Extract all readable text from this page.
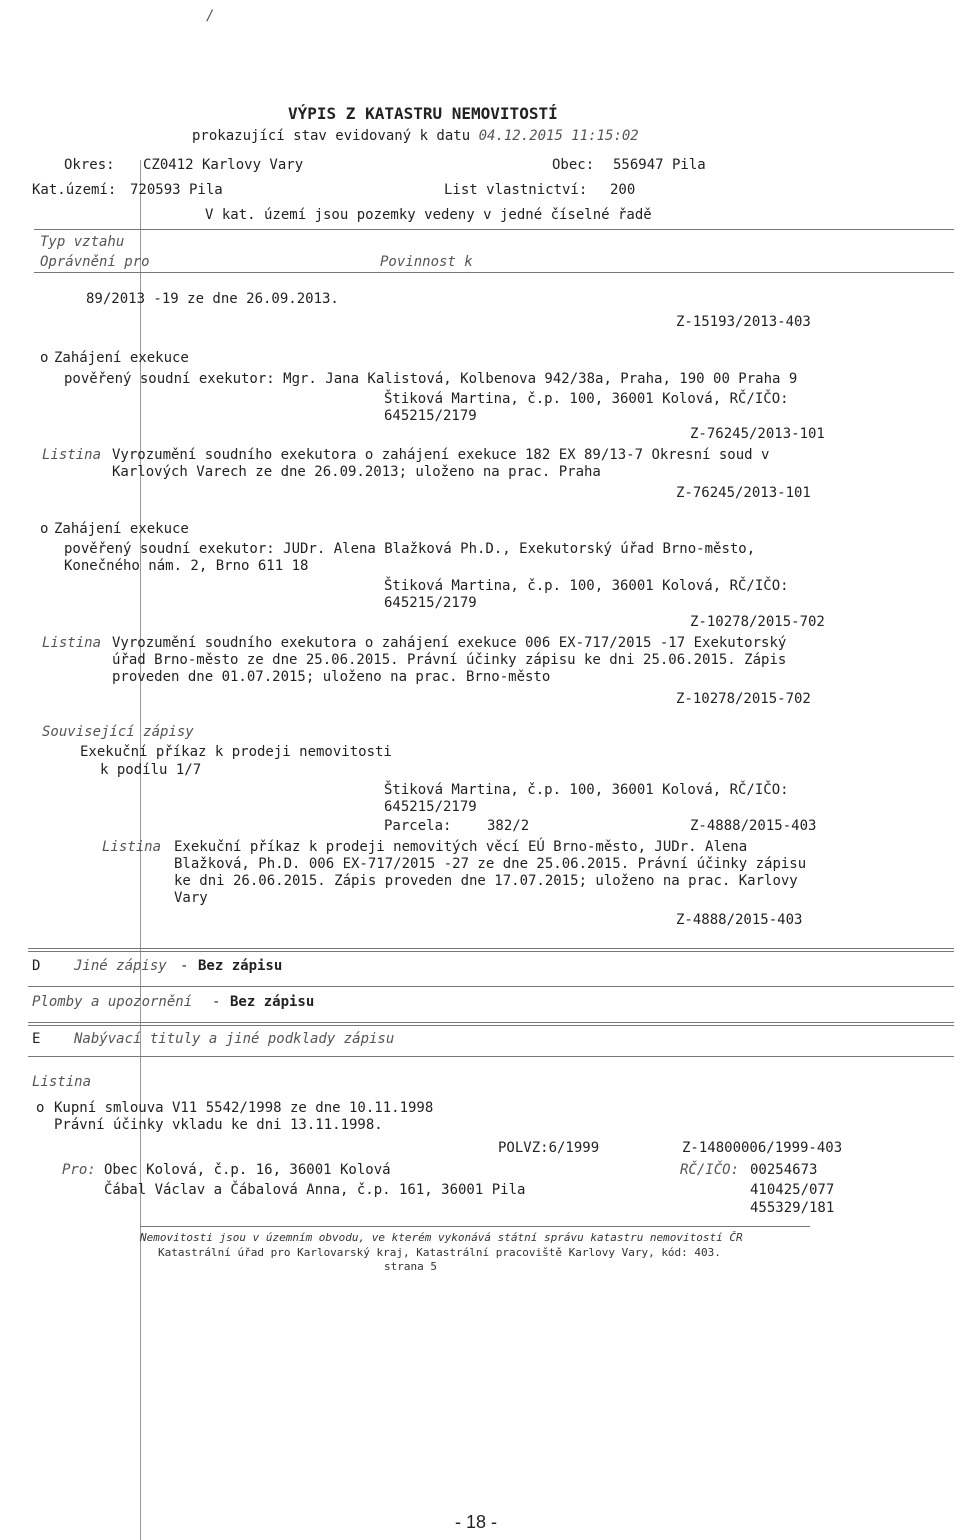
/
VÝPIS Z KATASTRU NEMOVITOSTÍ
prokazující stav evidovaný k datu 04.12.2015 11:15:02
Okres: CZ0412 Karlovy Vary	Obec: 556947 Pila
Kat.území: 720593 Pila	List vlastnictví: 200
V kat. území jsou pozemky vedeny v jedné číselné řadě
Typ vztahu
Oprávnění pro	Povinnost k
89/2013 -19 ze dne 26.09.2013.
Z-15193/2013-403
o Zahájení exekuce
pověřený soudní exekutor: Mgr. Jana Kalistová, Kolbenova 942/38a, Praha, 190 00 Praha 9
Štiková Martina, č.p. 100, 36001 Kolová, RČ/IČO:
645215/2179
Z-76245/2013-101
Listina Vyrozumění soudního exekutora o zahájení exekuce 182 EX 89/13-7 Okresní soud v
Karlových Varech ze dne 26.09.2013; uloženo na prac. Praha
Z-76245/2013-101
o Zahájení exekuce
pověřený soudní exekutor: JUDr. Alena Blažková Ph.D., Exekutorský úřad Brno-město,
Konečného nám. 2, Brno 611 18
Štiková Martina, č.p. 100, 36001 Kolová, RČ/IČO:
645215/2179
Z-10278/2015-702
Listina Vyrozumění soudního exekutora o zahájení exekuce 006 EX-717/2015 -17 Exekutorský
úřad Brno-město ze dne 25.06.2015. Právní účinky zápisu ke dni 25.06.2015. Zápis
proveden dne 01.07.2015; uloženo na prac. Brno-město
Z-10278/2015-702
Související zápisy
Exekuční příkaz k prodeji nemovitosti
k podílu 1/7
Štiková Martina, č.p. 100, 36001 Kolová, RČ/IČO:
645215/2179
Parcela:	382/2	Z-4888/2015-403
Listina Exekuční příkaz k prodeji nemovitých věcí EÚ Brno-město, JUDr. Alena
Blažková, Ph.D. 006 EX-717/2015 -27 ze dne 25.06.2015. Právní účinky zápisu
ke dni 26.06.2015. Zápis proveden dne 17.07.2015; uloženo na prac. Karlovy
Vary
Z-4888/2015-403
D Jiné zápisy - Bez zápisu
Plomby a upozornění - Bez zápisu
E Nabývací tituly a jiné podklady zápisu
Listina
o Kupní smlouva V11 5542/1998 ze dne 10.11.1998
Právní účinky vkladu ke dni 13.11.1998.
POLVZ:6/1999	Z-14800006/1999-403
Pro: Obec Kolová, č.p. 16, 36001 Kolová	RČ/IČO: 00254673
Čábal Václav a Čábalová Anna, č.p. 161, 36001 Pila	410425/077
455329/181
Nemovitosti jsou v územním obvodu, ve kterém vykonává státní správu katastru nemovitostí ČR
Katastrální úřad pro Karlovarský kraj, Katastrální pracoviště Karlovy Vary, kód: 403.
strana 5
- 18 -
